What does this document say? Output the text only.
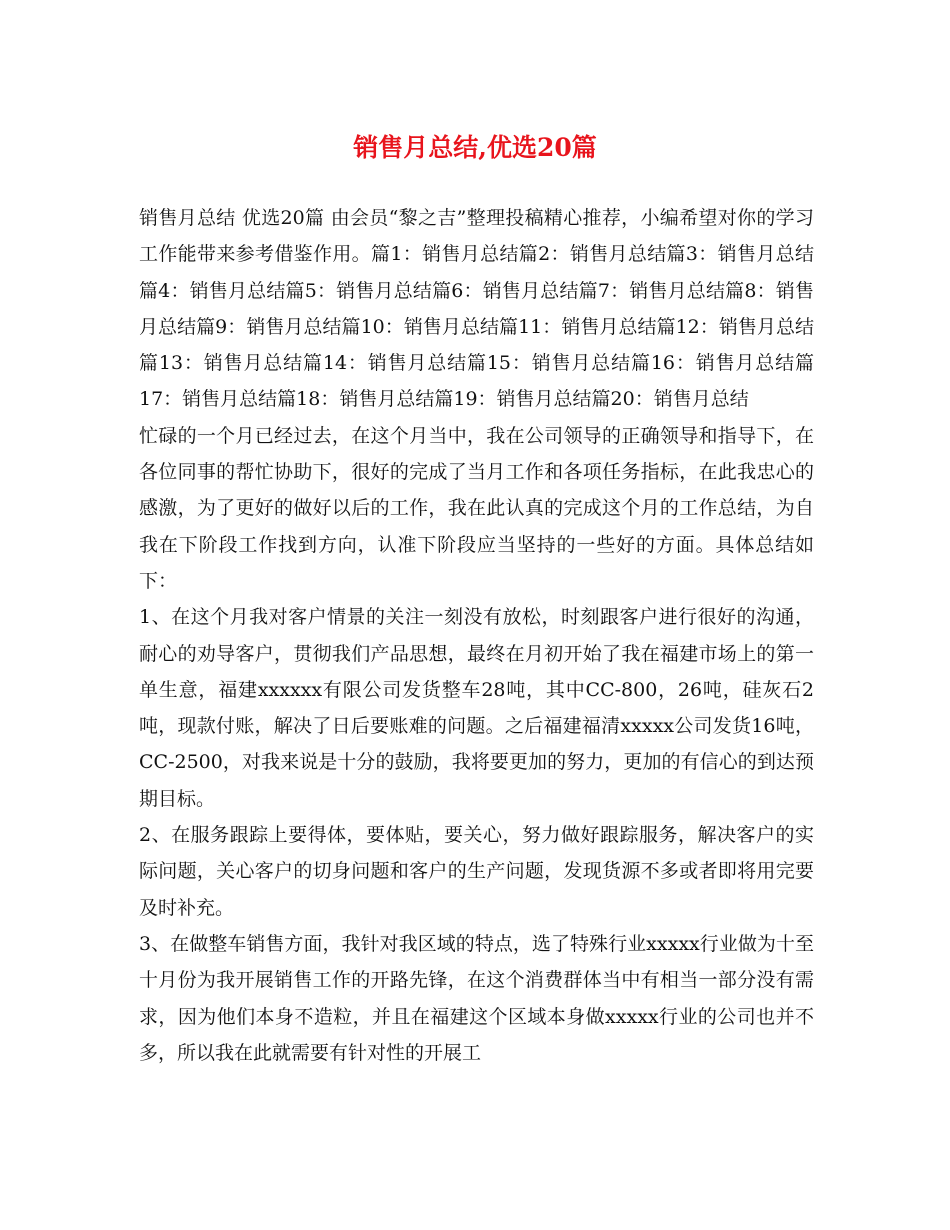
销售月总结,优选20篇

销售月总结 优选20篇 由会员“黎之吉”整理投稿精心推荐，小编希望对你的学习工作能带来参考借鉴作用。篇1：销售月总结篇2：销售月总结篇3：销售月总结篇4：销售月总结篇5：销售月总结篇6：销售月总结篇7：销售月总结篇8：销售月总结篇9：销售月总结篇10：销售月总结篇11：销售月总结篇12：销售月总结篇13：销售月总结篇14：销售月总结篇15：销售月总结篇16：销售月总结篇17：销售月总结篇18：销售月总结篇19：销售月总结篇20：销售月总结

忙碌的一个月已经过去，在这个月当中，我在公司领导的正确领导和指导下，在各位同事的帮忙协助下，很好的完成了当月工作和各项任务指标，在此我忠心的感激，为了更好的做好以后的工作，我在此认真的完成这个月的工作总结，为自我在下阶段工作找到方向，认准下阶段应当坚持的一些好的方面。具体总结如下：

1、在这个月我对客户情景的关注一刻没有放松，时刻跟客户进行很好的沟通，耐心的劝导客户，贯彻我们产品思想，最终在月初开始了我在福建市场上的第一单生意，福建xxxxxx有限公司发货整车28吨，其中CC-800，26吨，硅灰石2吨，现款付账，解决了日后要账难的问题。之后福建福清xxxxx公司发货16吨，CC-2500，对我来说是十分的鼓励，我将要更加的努力，更加的有信心的到达预期目标。

2、在服务跟踪上要得体，要体贴，要关心，努力做好跟踪服务，解决客户的实际问题，关心客户的切身问题和客户的生产问题，发现货源不多或者即将用完要及时补充。

3、在做整车销售方面，我针对我区域的特点，选了特殊行业xxxxx行业做为十至十月份为我开展销售工作的开路先锋，在这个消费群体当中有相当一部分没有需求，因为他们本身不造粒，并且在福建这个区域本身做xxxxx行业的公司也并不多，所以我在此就需要有针对性的开展工
